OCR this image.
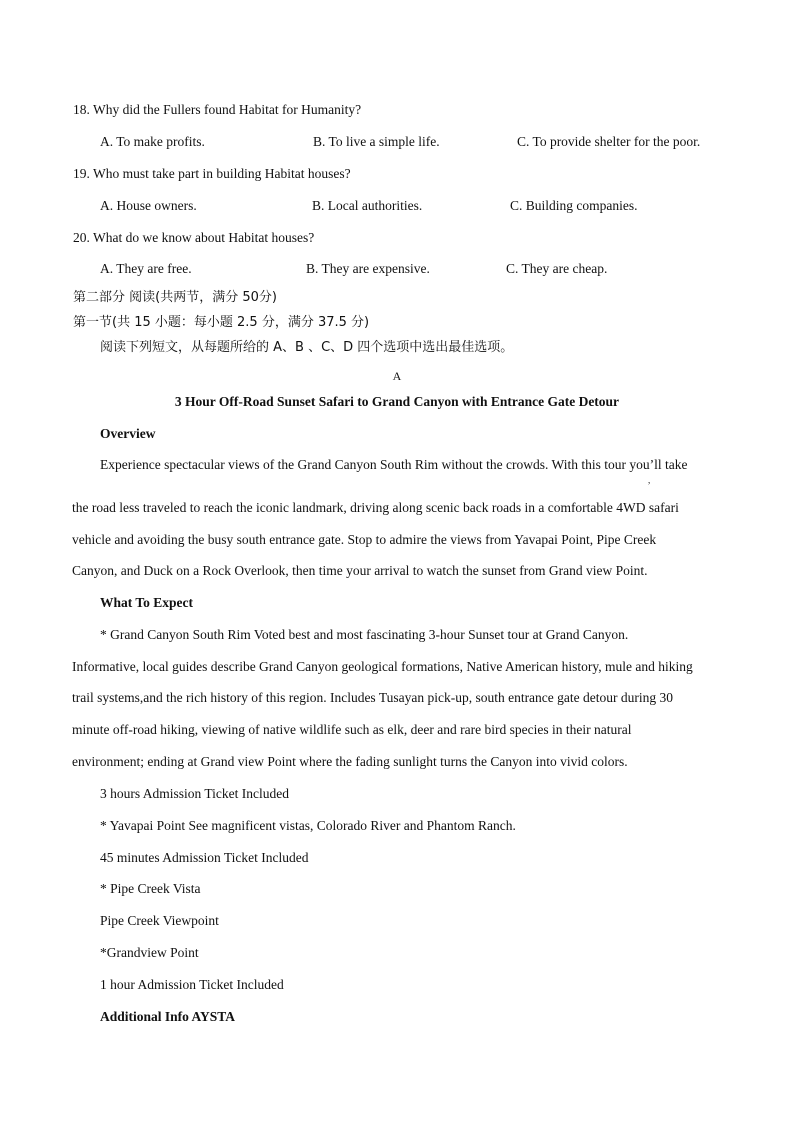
18. Why did the Fullers found Habitat for Humanity?
A. To make profits.	B. To live a simple life.	C. To provide shelter for the poor.
19. Who must take part in building Habitat houses?
A. House owners.	B. Local authorities.	C. Building companies.
20. What do we know about Habitat houses?
A. They are free.	B. They are expensive.	C. They are cheap.
第二部分 阅读(共两节，满分 50分)
第一节(共 15 小题：每小题 2.5 分，满分 37.5 分)
阅读下列短文，从每题所给的 A、B 、C、D 四个选项中选出最佳选项。
A
3 Hour Off-Road Sunset Safari to Grand Canyon with Entrance Gate Detour
Overview
Experience spectacular views of the Grand Canyon South Rim without the crowds. With this tour you’ll take
,
the road less traveled to reach the iconic landmark, driving along scenic back roads in a comfortable 4WD safari
vehicle and avoiding the busy south entrance gate. Stop to admire the views from Yavapai Point, Pipe Creek
Canyon, and Duck on a Rock Overlook, then time your arrival to watch the sunset from Grand view Point.
What To Expect
* Grand Canyon South Rim Voted best and most fascinating 3-hour Sunset tour at Grand Canyon.
Informative, local guides describe Grand Canyon geological formations, Native American history, mule and hiking
trail systems,and the rich history of this region. Includes Tusayan pick-up, south entrance gate detour during 30
minute off-road hiking, viewing of native wildlife such as elk, deer and rare bird species in their natural
environment; ending at Grand view Point where the fading sunlight turns the Canyon into vivid colors.
3 hours Admission Ticket Included
* Yavapai Point See magnificent vistas, Colorado River and Phantom Ranch.
45 minutes Admission Ticket Included
* Pipe Creek Vista
Pipe Creek Viewpoint
*Grandview Point
1 hour Admission Ticket Included
Additional Info AYSTA
